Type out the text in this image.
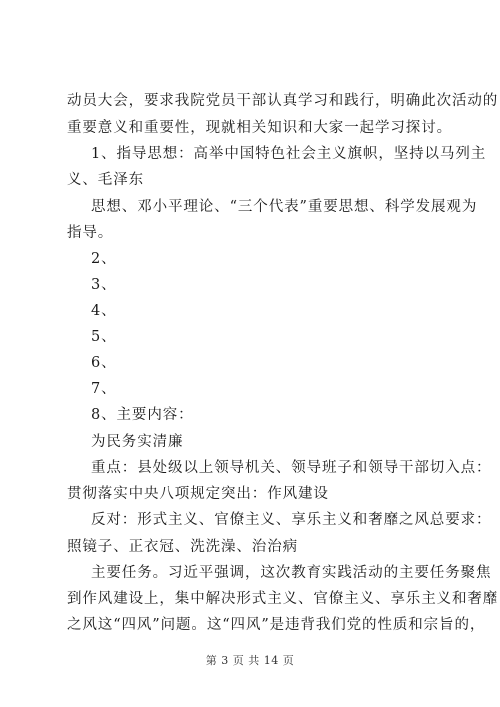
动员大会，要求我院党员干部认真学习和践行，明确此次活动的
重要意义和重要性，现就相关知识和大家一起学习探讨。
1、指导思想：高举中国特色社会主义旗帜，坚持以马列主
义、毛泽东
思想、邓小平理论、“三个代表”重要思想、科学发展观为
指导。
2、
3、
4、
5、
6、
7、
8、主要内容：
为民务实清廉
重点：县处级以上领导机关、领导班子和领导干部切入点：
贯彻落实中央八项规定突出：作风建设
反对：形式主义、官僚主义、享乐主义和奢靡之风总要求：
照镜子、正衣冠、洗洗澡、治治病
主要任务。习近平强调，这次教育实践活动的主要任务聚焦
到作风建设上，集中解决形式主义、官僚主义、享乐主义和奢靡
之风这“四风”问题。这“四风”是违背我们党的性质和宗旨的，
第 3 页 共 14 页
